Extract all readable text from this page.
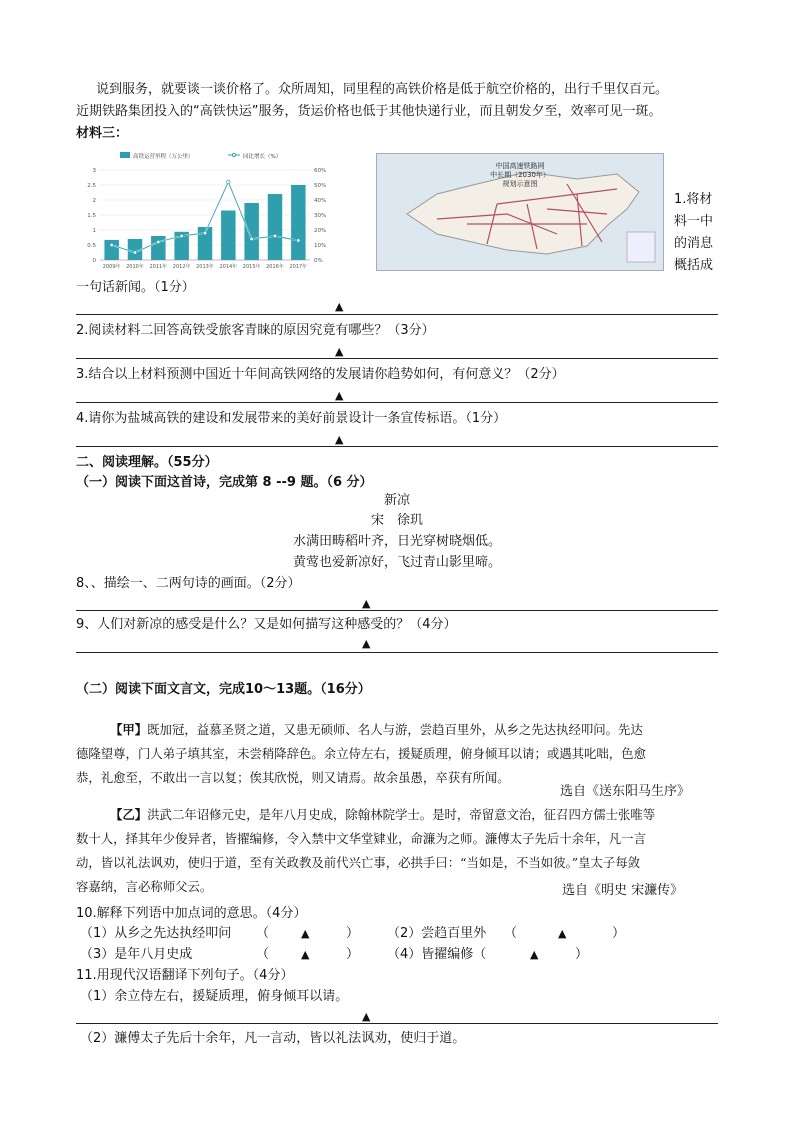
说到服务，就要谈一谈价格了。众所周知，同里程的高铁价格是低于航空价格的，出行千里仅百元。
近期铁路集团投入的“高铁快运”服务，货运价格也低于其他快递行业，而且朝发夕至，效率可见一斑。
材料三：
高铁运营里程（万公里）	同比增长（%）
0
0.5
1
1.5
2
2.5
3
0%
10%
20%
30%
40%
50%
60%
2009年 2010年 2011年 2012年 2013年 2014年 2015年 2016年 2017年
中国高速铁路网
中长期（2030年）
规划示意图
1.将材
料一中
的消息
概括成
一句话新闻。（1分）
▲
2.阅读材料二回答高铁受旅客青睐的原因究竟有哪些？（3分）
▲
3.结合以上材料预测中国近十年间高铁网络的发展请你趋势如何，有何意义？（2分）
▲
4.请你为盐城高铁的建设和发展带来的美好前景设计一条宣传标语。（1分）
▲
二、阅读理解。（55分）
（一）阅读下面这首诗，完成第 8 --9 题。（6 分）
新凉
宋　徐玑
水满田畴稻叶齐，日光穿树晓烟低。
黄莺也爱新凉好，飞过青山影里啼。
8、、描绘一、二两句诗的画面。（2分）
▲
9、人们对新凉的感受是什么？又是如何描写这种感受的？（4分）
▲
（二）阅读下面文言文，完成10～13题。（16分）
【甲】既加冠，益慕圣贤之道，又患无硕师、名人与游，尝趋百里外，从乡之先达执经叩问。先达
德隆望尊，门人弟子填其室，未尝稍降辞色。余立侍左右，援疑质理，俯身倾耳以请；或遇其叱咄，色愈
恭，礼愈至，不敢出一言以复；俟其欣悦，则又请焉。故余虽愚，卒获有所闻。
选自《送东阳马生序》
【乙】洪武二年诏修元史，是年八月史成，除翰林院学士。是时，帝留意文治，征召四方儒士张唯等
数十人，择其年少俊异者，皆擢编修，令入禁中文华堂肄业，命濂为之师。濂傅太子先后十余年，凡一言
动，皆以礼法讽劝，使归于道，至有关政教及前代兴亡事，必拱手曰：“当如是，不当如彼。”皇太子每敛
容嘉纳，言必称师父云。	选自《明史 宋濂传》
10.解释下列语中加点词的意思。（4分）
（1）从乡之先达执经叩问 （	▲	） （2）尝趋百里外 （	▲	）
（3）是年八月史成	（	▲	） （4）皆擢编修（	▲	）
11.用现代汉语翻译下列句子。（4分）
（1）余立侍左右，援疑质理，俯身倾耳以请。
▲
（2）濂傅太子先后十余年，凡一言动，皆以礼法讽劝，使归于道。
